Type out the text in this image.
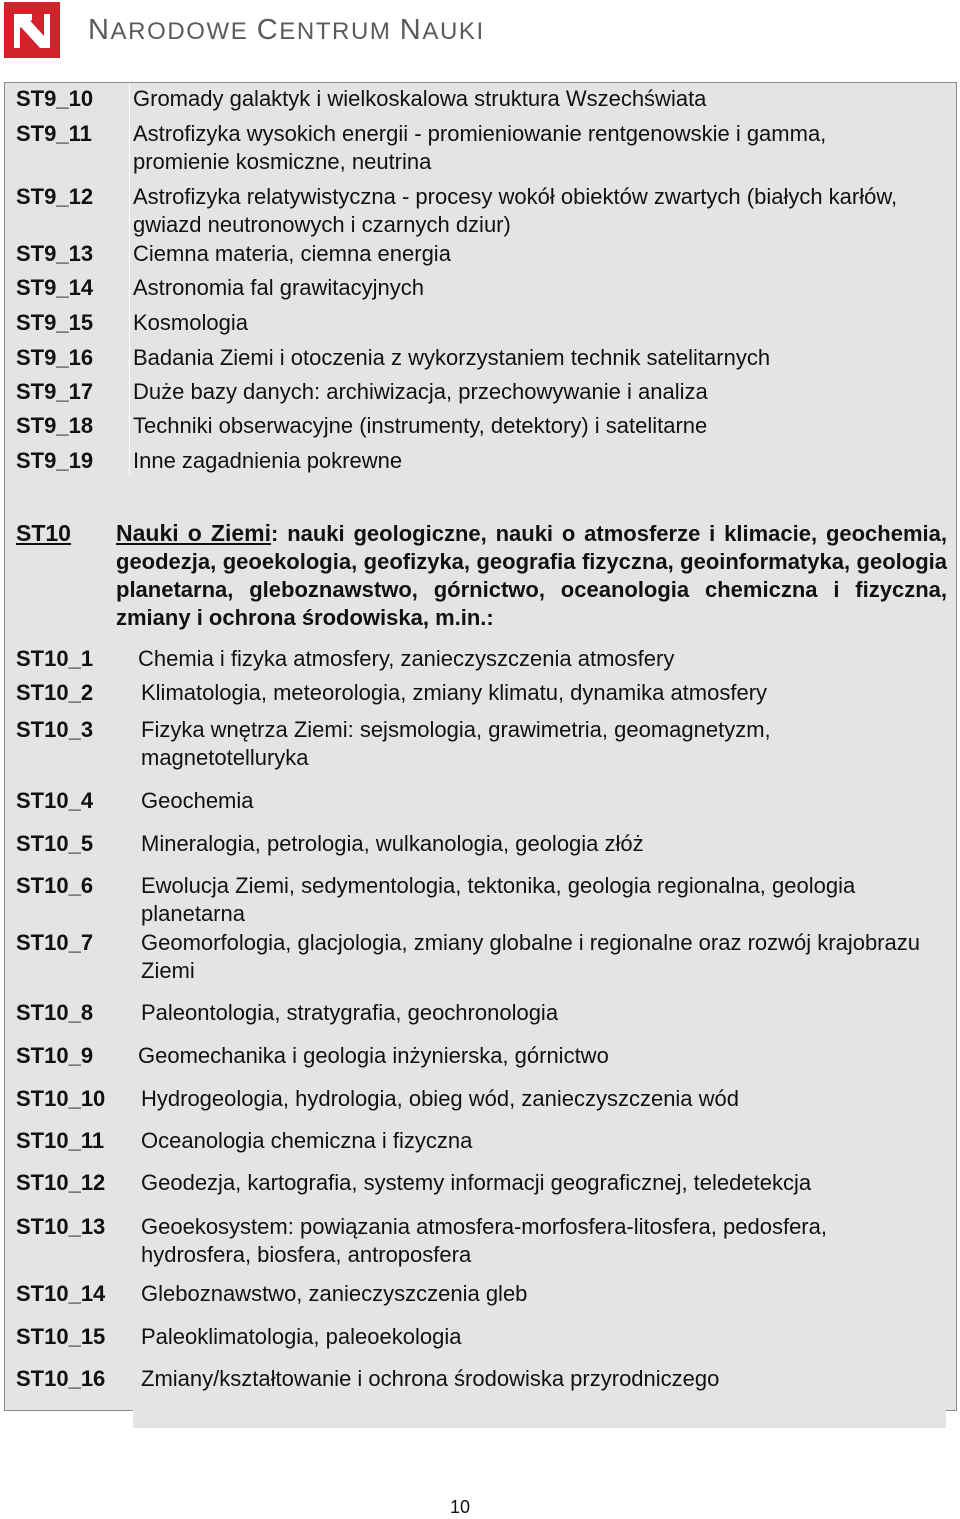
NARODOWE CENTRUM NAUKI
ST9_10 Gromady galaktyk i wielkoskalowa struktura Wszechświata
ST9_11 Astrofizyka wysokich energii - promieniowanie rentgenowskie i gamma, promienie kosmiczne, neutrina
ST9_12 Astrofizyka relatywistyczna - procesy wokół obiektów zwartych (białych karłów, gwiazd neutronowych i czarnych dziur)
ST9_13 Ciemna materia, ciemna energia
ST9_14 Astronomia fal grawitacyjnych
ST9_15 Kosmologia
ST9_16 Badania Ziemi i otoczenia z wykorzystaniem technik satelitarnych
ST9_17 Duże bazy danych: archiwizacja, przechowywanie i analiza
ST9_18 Techniki obserwacyjne (instrumenty, detektory) i satelitarne
ST9_19 Inne zagadnienia pokrewne
ST10 Nauki o Ziemi: nauki geologiczne, nauki o atmosferze i klimacie, geochemia, geodezja, geoekologia, geofizyka, geografia fizyczna, geoinformatyka, geologia planetarna, gleboznawstwo, górnictwo, oceanologia chemiczna i fizyczna, zmiany i ochrona środowiska, m.in.:
ST10_1 Chemia i fizyka atmosfery, zanieczyszczenia atmosfery
ST10_2 Klimatologia, meteorologia, zmiany klimatu, dynamika atmosfery
ST10_3 Fizyka wnętrza Ziemi: sejsmologia, grawimetria, geomagnetyzm, magnetotelluryka
ST10_4 Geochemia
ST10_5 Mineralogia, petrologia, wulkanologia, geologia złóż
ST10_6 Ewolucja Ziemi, sedymentologia, tektonika, geologia regionalna, geologia planetarna
ST10_7 Geomorfologia, glacjologia, zmiany globalne i regionalne oraz rozwój krajobrazu Ziemi
ST10_8 Paleontologia, stratygrafia, geochronologia
ST10_9 Geomechanika i geologia inżynierska, górnictwo
ST10_10 Hydrogeologia, hydrologia, obieg wód, zanieczyszczenia wód
ST10_11 Oceanologia chemiczna i fizyczna
ST10_12 Geodezja, kartografia, systemy informacji geograficznej, teledetekcja
ST10_13 Geoekosystem: powiązania atmosfera-morfosfera-litosfera, pedosfera, hydrosfera, biosfera, antroposfera
ST10_14 Gleboznawstwo, zanieczyszczenia gleb
ST10_15 Paleoklimatologia, paleoekologia
ST10_16 Zmiany/kształtowanie i ochrona środowiska przyrodniczego
10
